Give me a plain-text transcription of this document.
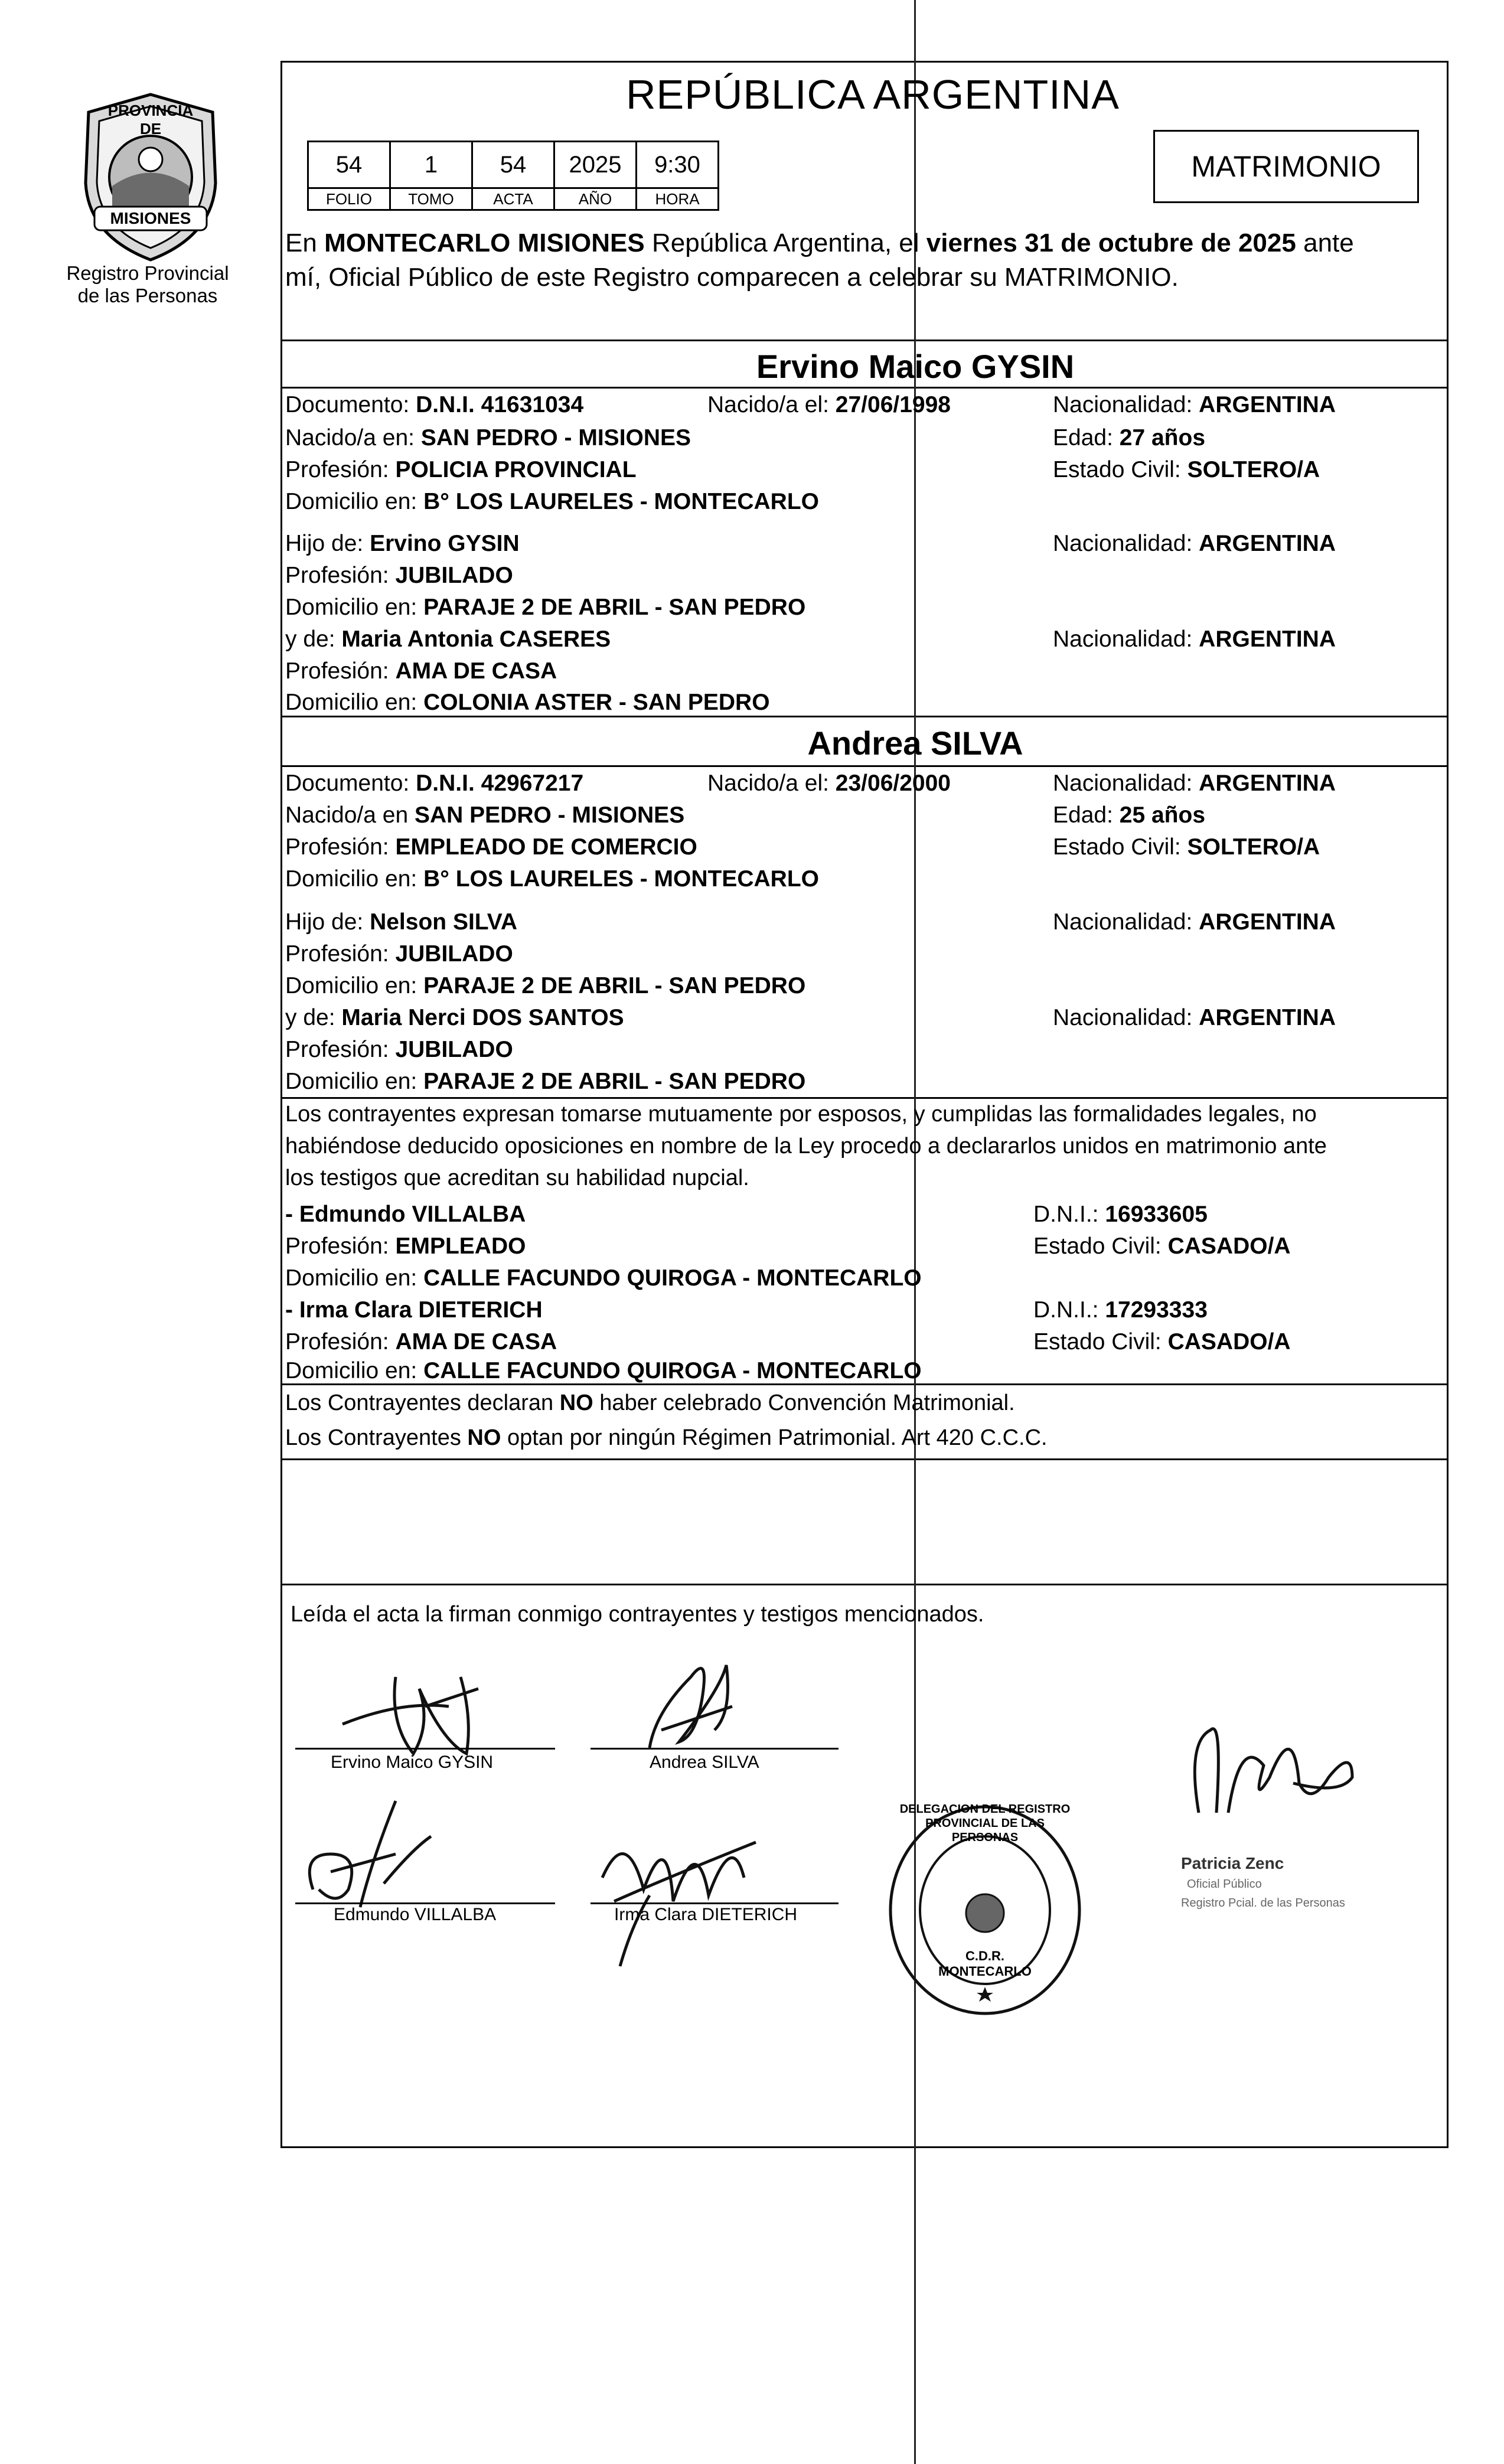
PROVINCIA DE
MISIONES
Registro Provincial
de las Personas
REPÚBLICA ARGENTINA
54	1	54	2025	9:30
FOLIO	TOMO	ACTA	AÑO	HORA
MATRIMONIO
En MONTECARLO MISIONES República Argentina, el viernes 31 de octubre de 2025 ante
mí, Oficial Público de este Registro comparecen a celebrar su MATRIMONIO.
Ervino Maico GYSIN
Documento: D.N.I. 41631034	Nacido/a el: 27/06/1998	Nacionalidad: ARGENTINA
Nacido/a en: SAN PEDRO - MISIONES	Edad: 27 años
Profesión: POLICIA PROVINCIAL	Estado Civil: SOLTERO/A
Domicilio en: B° LOS LAURELES - MONTECARLO
Hijo de: Ervino GYSIN	Nacionalidad: ARGENTINA
Profesión: JUBILADO
Domicilio en: PARAJE 2 DE ABRIL - SAN PEDRO
y de: Maria Antonia CASERES	Nacionalidad: ARGENTINA
Profesión: AMA DE CASA
Domicilio en: COLONIA ASTER - SAN PEDRO
Andrea SILVA
Documento: D.N.I. 42967217	Nacido/a el: 23/06/2000	Nacionalidad: ARGENTINA
Nacido/a en SAN PEDRO - MISIONES	Edad: 25 años
Profesión: EMPLEADO DE COMERCIO	Estado Civil: SOLTERO/A
Domicilio en: B° LOS LAURELES - MONTECARLO
Hijo de: Nelson SILVA	Nacionalidad: ARGENTINA
Profesión: JUBILADO
Domicilio en: PARAJE 2 DE ABRIL - SAN PEDRO
y de: Maria Nerci DOS SANTOS	Nacionalidad: ARGENTINA
Profesión: JUBILADO
Domicilio en: PARAJE 2 DE ABRIL - SAN PEDRO
Los contrayentes expresan tomarse mutuamente por esposos, y cumplidas las formalidades legales, no
habiéndose deducido oposiciones en nombre de la Ley procedo a declararlos unidos en matrimonio ante
los testigos que acreditan su habilidad nupcial.
- Edmundo VILLALBA	D.N.I.: 16933605
Profesión: EMPLEADO	Estado Civil: CASADO/A
Domicilio en: CALLE FACUNDO QUIROGA - MONTECARLO
- Irma Clara DIETERICH	D.N.I.: 17293333
Profesión: AMA DE CASA	Estado Civil: CASADO/A
Domicilio en: CALLE FACUNDO QUIROGA - MONTECARLO
Los Contrayentes declaran NO haber celebrado Convención Matrimonial.
Los Contrayentes NO optan por ningún Régimen Patrimonial. Art 420 C.C.C.
Leída el acta la firman conmigo contrayentes y testigos mencionados.
Ervino Maico GYSIN	Andrea SILVA
Edmundo VILLALBA	Irma Clara DIETERICH
DELEGACION DEL REGISTRO PROVINCIAL DE LAS PERSONAS
C.D.R. MONTECARLO
Patricia Zenc
Oficial Público
Registro Pcial. de las Personas
